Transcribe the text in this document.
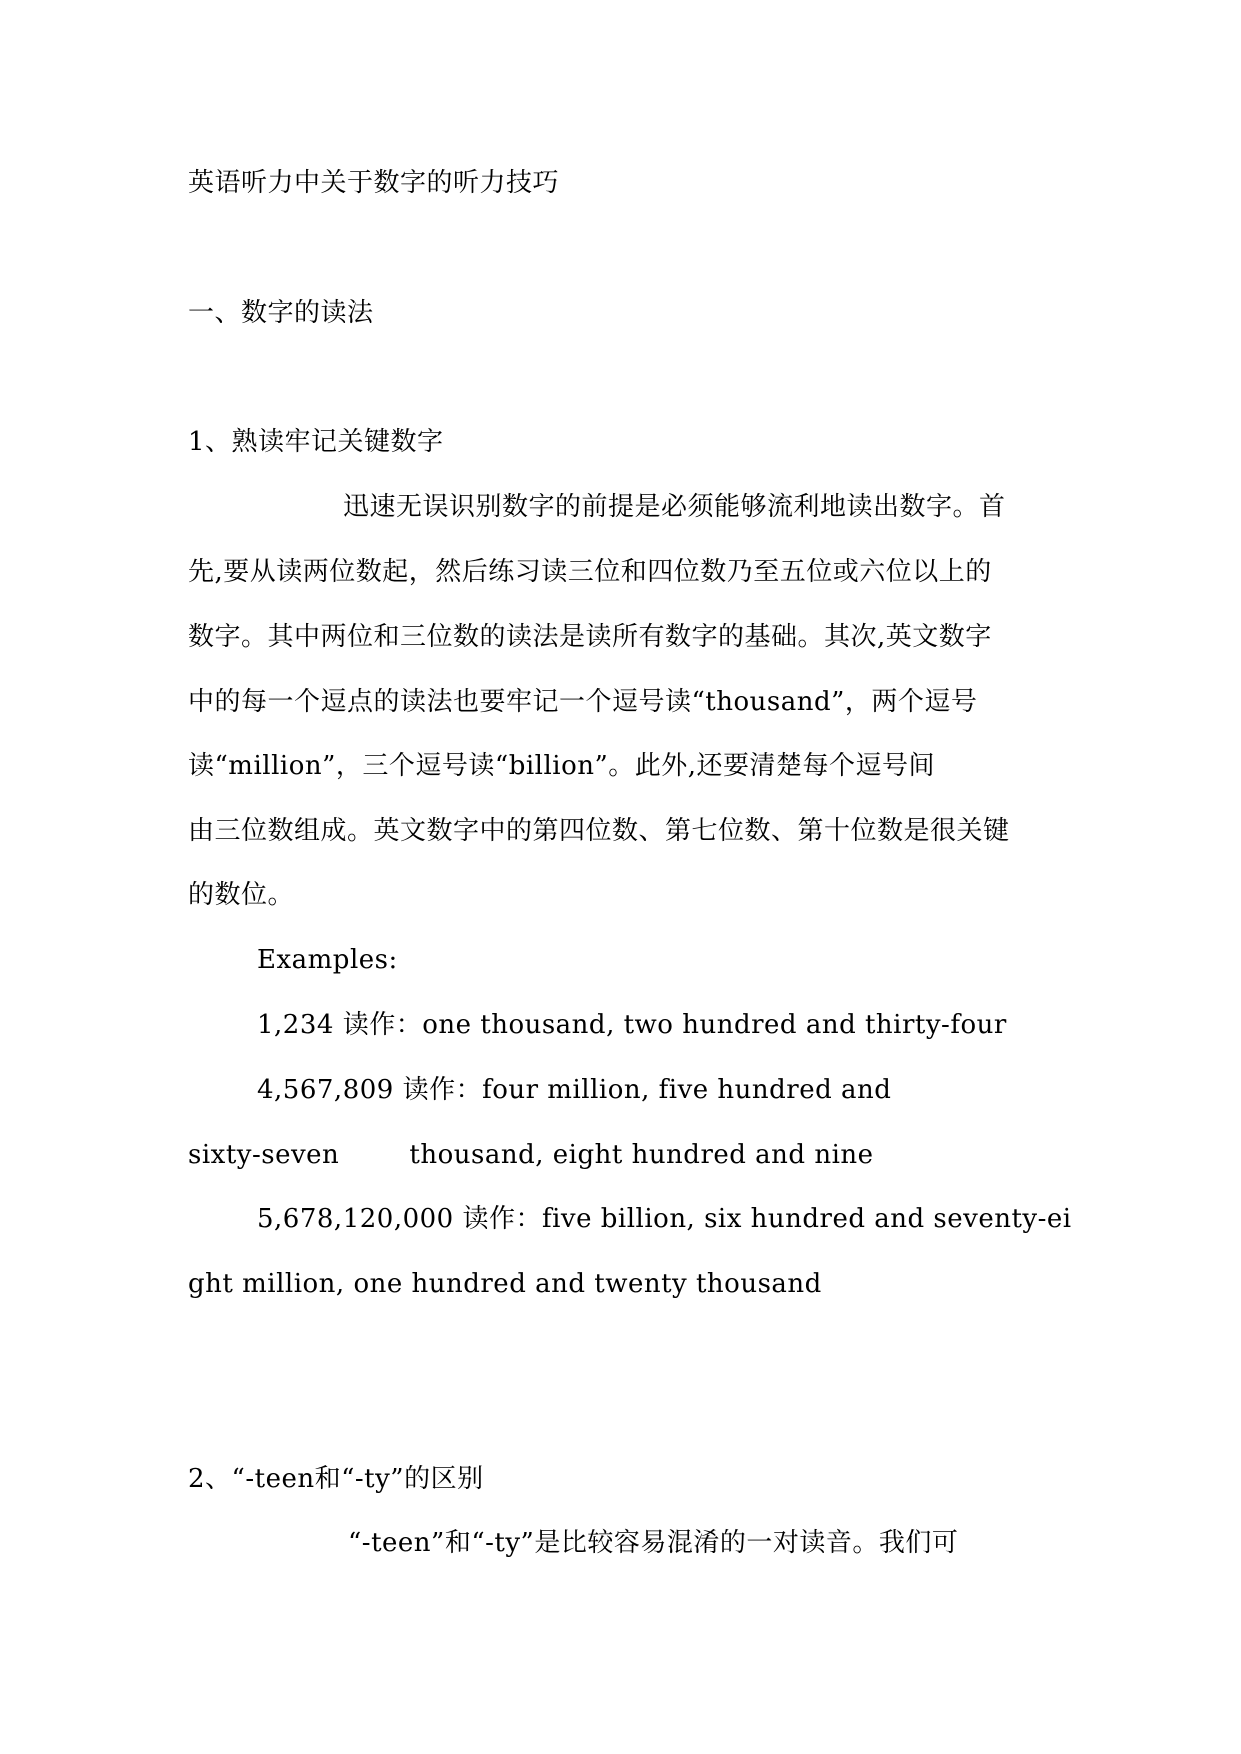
英语听力中关于数字的听力技巧
一、数字的读法
1、熟读牢记关键数字
迅速无误识别数字的前提是必须能够流利地读出数字。首
先,要从读两位数起，然后练习读三位和四位数乃至五位或六位以上的
数字。其中两位和三位数的读法是读所有数字的基础。其次,英文数字
中的每一个逗点的读法也要牢记一个逗号读“thousand”，两个逗号
读“million”，三个逗号读“billion”。此外,还要清楚每个逗号间
由三位数组成。英文数字中的第四位数、第七位数、第十位数是很关键
的数位。
Examples:
1,234 读作：one thousand, two hundred and thirty-four
4,567,809 读作：four million, five hundred and
sixty-seven        thousand, eight hundred and nine
5,678,120,000 读作：five billion, six hundred and seventy-ei
ght million, one hundred and twenty thousand
2、“-teen和“-ty”的区别
“-teen”和“-ty”是比较容易混淆的一对读音。我们可
